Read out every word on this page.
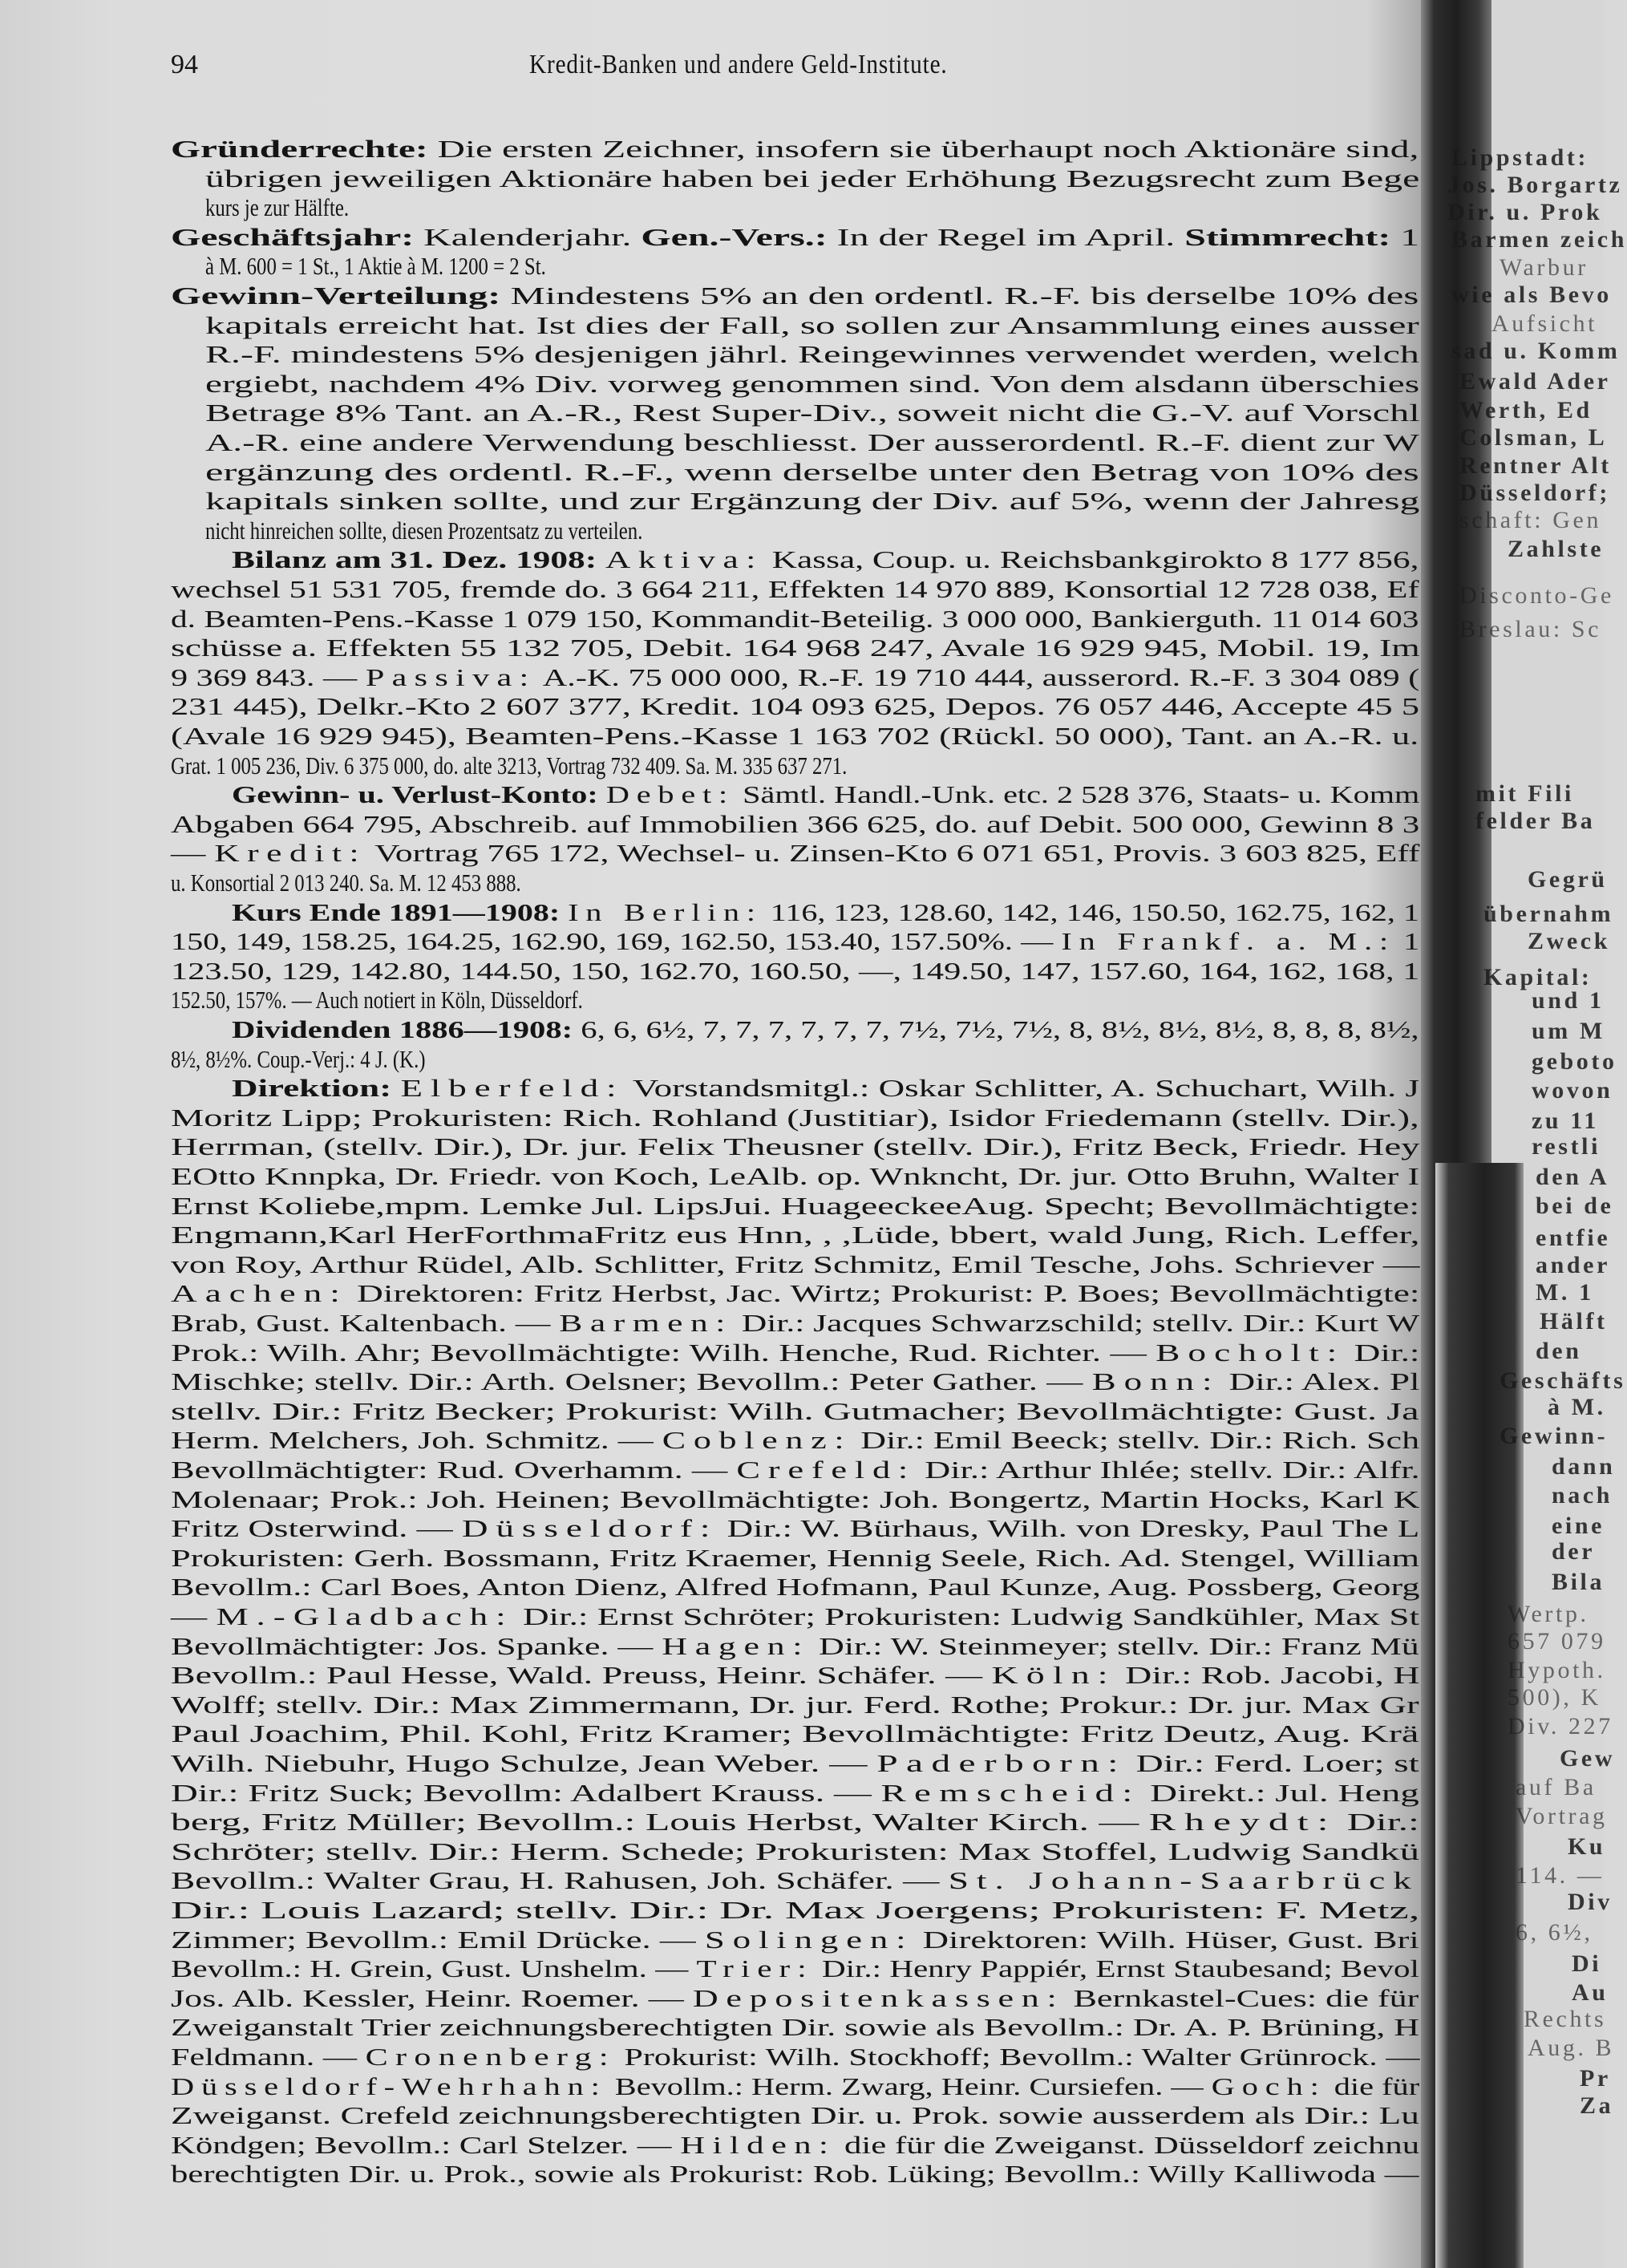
94	Kredit-Banken und andere Geld-Institute.
Gründerrechte: Die ersten Zeichner, insofern sie überhaupt noch Aktionäre sind,
übrigen jeweiligen Aktionäre haben bei jeder Erhöhung Bezugsrecht zum Bege
kurs je zur Hälfte.
Geschäftsjahr: Kalenderjahr. Gen.-Vers.: In der Regel im April. Stimmrecht: 1
à M. 600 = 1 St., 1 Aktie à M. 1200 = 2 St.
Gewinn-Verteilung: Mindestens 5% an den ordentl. R.-F. bis derselbe 10% des
kapitals erreicht hat. Ist dies der Fall, so sollen zur Ansammlung eines ausser
R.-F. mindestens 5% desjenigen jährl. Reingewinnes verwendet werden, welch
ergiebt, nachdem 4% Div. vorweg genommen sind. Von dem alsdann überschies
Betrage 8% Tant. an A.-R., Rest Super-Div., soweit nicht die G.-V. auf Vorschl
A.-R. eine andere Verwendung beschliesst. Der ausserordentl. R.-F. dient zur W
ergänzung des ordentl. R.-F., wenn derselbe unter den Betrag von 10% des
kapitals sinken sollte, und zur Ergänzung der Div. auf 5%, wenn der Jahresg
nicht hinreichen sollte, diesen Prozentsatz zu verteilen.
Bilanz am 31. Dez. 1908: Aktiva: Kassa, Coup. u. Reichsbankgirokto 8 177 856,
wechsel 51 531 705, fremde do. 3 664 211, Effekten 14 970 889, Konsortial 12 728 038, Ef
d. Beamten-Pens.-Kasse 1 079 150, Kommandit-Beteilig. 3 000 000, Bankierguth. 11 014 603
schüsse a. Effekten 55 132 705, Debit. 164 968 247, Avale 16 929 945, Mobil. 19, Im
9 369 843. — Passiva: A.-K. 75 000 000, R.-F. 19 710 444, ausserord. R.-F. 3 304 089 (
231 445), Delkr.-Kto 2 607 377, Kredit. 104 093 625, Depos. 76 057 446, Accepte 45 5
(Avale 16 929 945), Beamten-Pens.-Kasse 1 163 702 (Rückl. 50 000), Tant. an A.-R. u.
Grat. 1 005 236, Div. 6 375 000, do. alte 3213, Vortrag 732 409. Sa. M. 335 637 271.
Gewinn- u. Verlust-Konto: Debet: Sämtl. Handl.-Unk. etc. 2 528 376, Staats- u. Komm
Abgaben 664 795, Abschreib. auf Immobilien 366 625, do. auf Debit. 500 000, Gewinn 8 3
— Kredit: Vortrag 765 172, Wechsel- u. Zinsen-Kto 6 071 651, Provis. 3 603 825, Eff
u. Konsortial 2 013 240. Sa. M. 12 453 888.
Kurs Ende 1891—1908: In Berlin: 116, 123, 128.60, 142, 146, 150.50, 162.75, 162, 1
150, 149, 158.25, 164.25, 162.90, 169, 162.50, 153.40, 157.50%. — In Frankf. a. M.: 1
123.50, 129, 142.80, 144.50, 150, 162.70, 160.50, —, 149.50, 147, 157.60, 164, 162, 168, 1
152.50, 157%. — Auch notiert in Köln, Düsseldorf.
Dividenden 1886—1908: 6, 6, 6½, 7, 7, 7, 7, 7, 7, 7½, 7½, 7½, 8, 8½, 8½, 8½, 8, 8, 8, 8½,
8½, 8½%. Coup.-Verj.: 4 J. (K.)
Direktion: Elberfeld: Vorstandsmitgl.: Oskar Schlitter, A. Schuchart, Wilh. J
Moritz Lipp; Prokuristen: Rich. Rohland (Justitiar), Isidor Friedemann (stellv. Dir.),
Herrman, (stellv. Dir.), Dr. jur. Felix Theusner (stellv. Dir.), Fritz Beck, Friedr. Hey
EOtto Knnpka, Dr. Friedr. von Koch, LeAlb. op. Wnkncht, Dr. jur. Otto Bruhn, Walter I
Ernst Koliebe,mpm. Lemke Jul. LipsJui. HuageeckeeAug. Specht; Bevollmächtigte:
Engmann,Karl HerForthmaFritz eus Hnn, , ,Lüde, bbert, wald Jung, Rich. Leffer,
von Roy, Arthur Rüdel, Alb. Schlitter, Fritz Schmitz, Emil Tesche, Johs. Schriever —
Aachen: Direktoren: Fritz Herbst, Jac. Wirtz; Prokurist: P. Boes; Bevollmächtigte:
Brab, Gust. Kaltenbach. — Barmen: Dir.: Jacques Schwarzschild; stellv. Dir.: Kurt W
Prok.: Wilh. Ahr; Bevollmächtigte: Wilh. Henche, Rud. Richter. — Bocholt: Dir.:
Mischke; stellv. Dir.: Arth. Oelsner; Bevollm.: Peter Gather. — Bonn: Dir.: Alex. Pl
stellv. Dir.: Fritz Becker; Prokurist: Wilh. Gutmacher; Bevollmächtigte: Gust. Ja
Herm. Melchers, Joh. Schmitz. — Coblenz: Dir.: Emil Beeck; stellv. Dir.: Rich. Sch
Bevollmächtigter: Rud. Overhamm. — Crefeld: Dir.: Arthur Ihlée; stellv. Dir.: Alfr.
Molenaar; Prok.: Joh. Heinen; Bevollmächtigte: Joh. Bongertz, Martin Hocks, Karl K
Fritz Osterwind. — Düsseldorf: Dir.: W. Bürhaus, Wilh. von Dresky, Paul The L
Prokuristen: Gerh. Bossmann, Fritz Kraemer, Hennig Seele, Rich. Ad. Stengel, William
Bevollm.: Carl Boes, Anton Dienz, Alfred Hofmann, Paul Kunze, Aug. Possberg, Georg
— M.-Gladbach: Dir.: Ernst Schröter; Prokuristen: Ludwig Sandkühler, Max St
Bevollmächtigter: Jos. Spanke. — Hagen: Dir.: W. Steinmeyer; stellv. Dir.: Franz Mü
Bevollm.: Paul Hesse, Wald. Preuss, Heinr. Schäfer. — Köln: Dir.: Rob. Jacobi, H
Wolff; stellv. Dir.: Max Zimmermann, Dr. jur. Ferd. Rothe; Prokur.: Dr. jur. Max Gr
Paul Joachim, Phil. Kohl, Fritz Kramer; Bevollmächtigte: Fritz Deutz, Aug. Krä
Wilh. Niebuhr, Hugo Schulze, Jean Weber. — Paderborn: Dir.: Ferd. Loer; st
Dir.: Fritz Suck; Bevollm: Adalbert Krauss. — Remscheid: Direkt.: Jul. Heng
berg, Fritz Müller; Bevollm.: Louis Herbst, Walter Kirch. — Rheydt: Dir.:
Schröter; stellv. Dir.: Herm. Schede; Prokuristen: Max Stoffel, Ludwig Sandkü
Bevollm.: Walter Grau, H. Rahusen, Joh. Schäfer. — St. Johann-Saarbrück
Dir.: Louis Lazard; stellv. Dir.: Dr. Max Joergens; Prokuristen: F. Metz,
Zimmer; Bevollm.: Emil Drücke. — Solingen: Direktoren: Wilh. Hüser, Gust. Bri
Bevollm.: H. Grein, Gust. Unshelm. — Trier: Dir.: Henry Pappiér, Ernst Staubesand; Bevol
Jos. Alb. Kessler, Heinr. Roemer. — Depositenkassen: Bernkastel-Cues: die für
Zweiganstalt Trier zeichnungsberechtigten Dir. sowie als Bevollm.: Dr. A. P. Brüning, H
Feldmann. — Cronenberg: Prokurist: Wilh. Stockhoff; Bevollm.: Walter Grünrock. —
Düsseldorf-Wehrhahn: Bevollm.: Herm. Zwarg, Heinr. Cursiefen. — Goch: die für
Zweiganst. Crefeld zeichnungsberechtigten Dir. u. Prok. sowie ausserdem als Dir.: Lu
Köndgen; Bevollm.: Carl Stelzer. — Hilden: die für die Zweiganst. Düsseldorf zeichnu
berechtigten Dir. u. Prok., sowie als Prokurist: Rob. Lüking; Bevollm.: Willy Kalliwoda —
Lippstadt:
Jos. Borgartz
Dir. u. Prok
Barmen zeich
Warbur
wie als Bevo
Aufsicht
sad u. Komm
Ewald Ader
Werth, Ed
Colsman, L
Rentner Alt
Düsseldorf;
schaft: Gen
Zahlste
Disconto-Ge
Breslau: Sc
mit Fili
felder Ba
Gegrü
übernahm
Zweck
Kapital:
und 1
um M
geboto
wovon
zu 11
restli
den A
bei de
entfie
ander
M. 1
Hälft
den
Geschäfts
à M.
Gewinn-
dann
nach
eine
der
Bila
Wertp.
657 079
Hypoth.
500), K
Div. 227
Gew
auf Ba
Vortrag
Ku
114. —
Div
6, 6½,
Di
Au
Rechts
Aug. B
Pr
Za
